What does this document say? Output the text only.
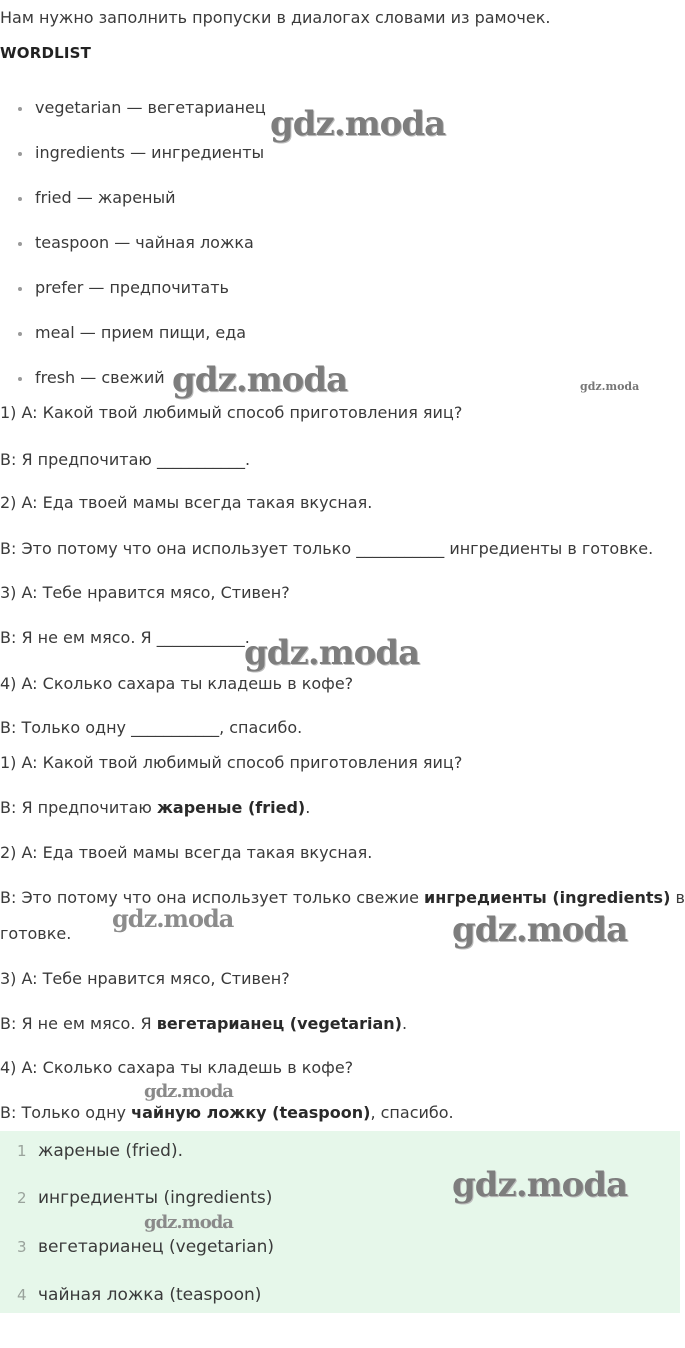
Нам нужно заполнить пропуски в диалогах словами из рамочек.
WORDLIST
vegetarian — вегетарианец
ingredients — ингредиенты
fried — жареный
teaspoon — чайная ложка
prefer — предпочитать
meal — прием пищи, еда
fresh — свежий
1) A: Какой твой любимый способ приготовления яиц?
B: Я предпочитаю ___________.
2) A: Еда твоей мамы всегда такая вкусная.
B: Это потому что она использует только ___________ ингредиенты в готовке.
3) A: Тебе нравится мясо, Стивен?
B: Я не ем мясо. Я ___________.
4) A: Сколько сахара ты кладешь в кофе?
B: Только одну ___________, спасибо.
1) A: Какой твой любимый способ приготовления яиц?
B: Я предпочитаю жареные (fried).
2) A: Еда твоей мамы всегда такая вкусная.
B: Это потому что она использует только свежие ингредиенты (ingredients) в
готовке.
3) A: Тебе нравится мясо, Стивен?
B: Я не ем мясо. Я вегетарианец (vegetarian).
4) A: Сколько сахара ты кладешь в кофе?
B: Только одну чайную ложку (teaspoon), спасибо.
1 жареные (fried).
2 ингредиенты (ingredients)
3 вегетарианец (vegetarian)
4 чайная ложка (teaspoon)
gdz.moda
gdz.moda	gdz.moda
gdz.moda
gdz.moda	gdz.moda
gdz.moda
gdz.moda
gdz.moda
